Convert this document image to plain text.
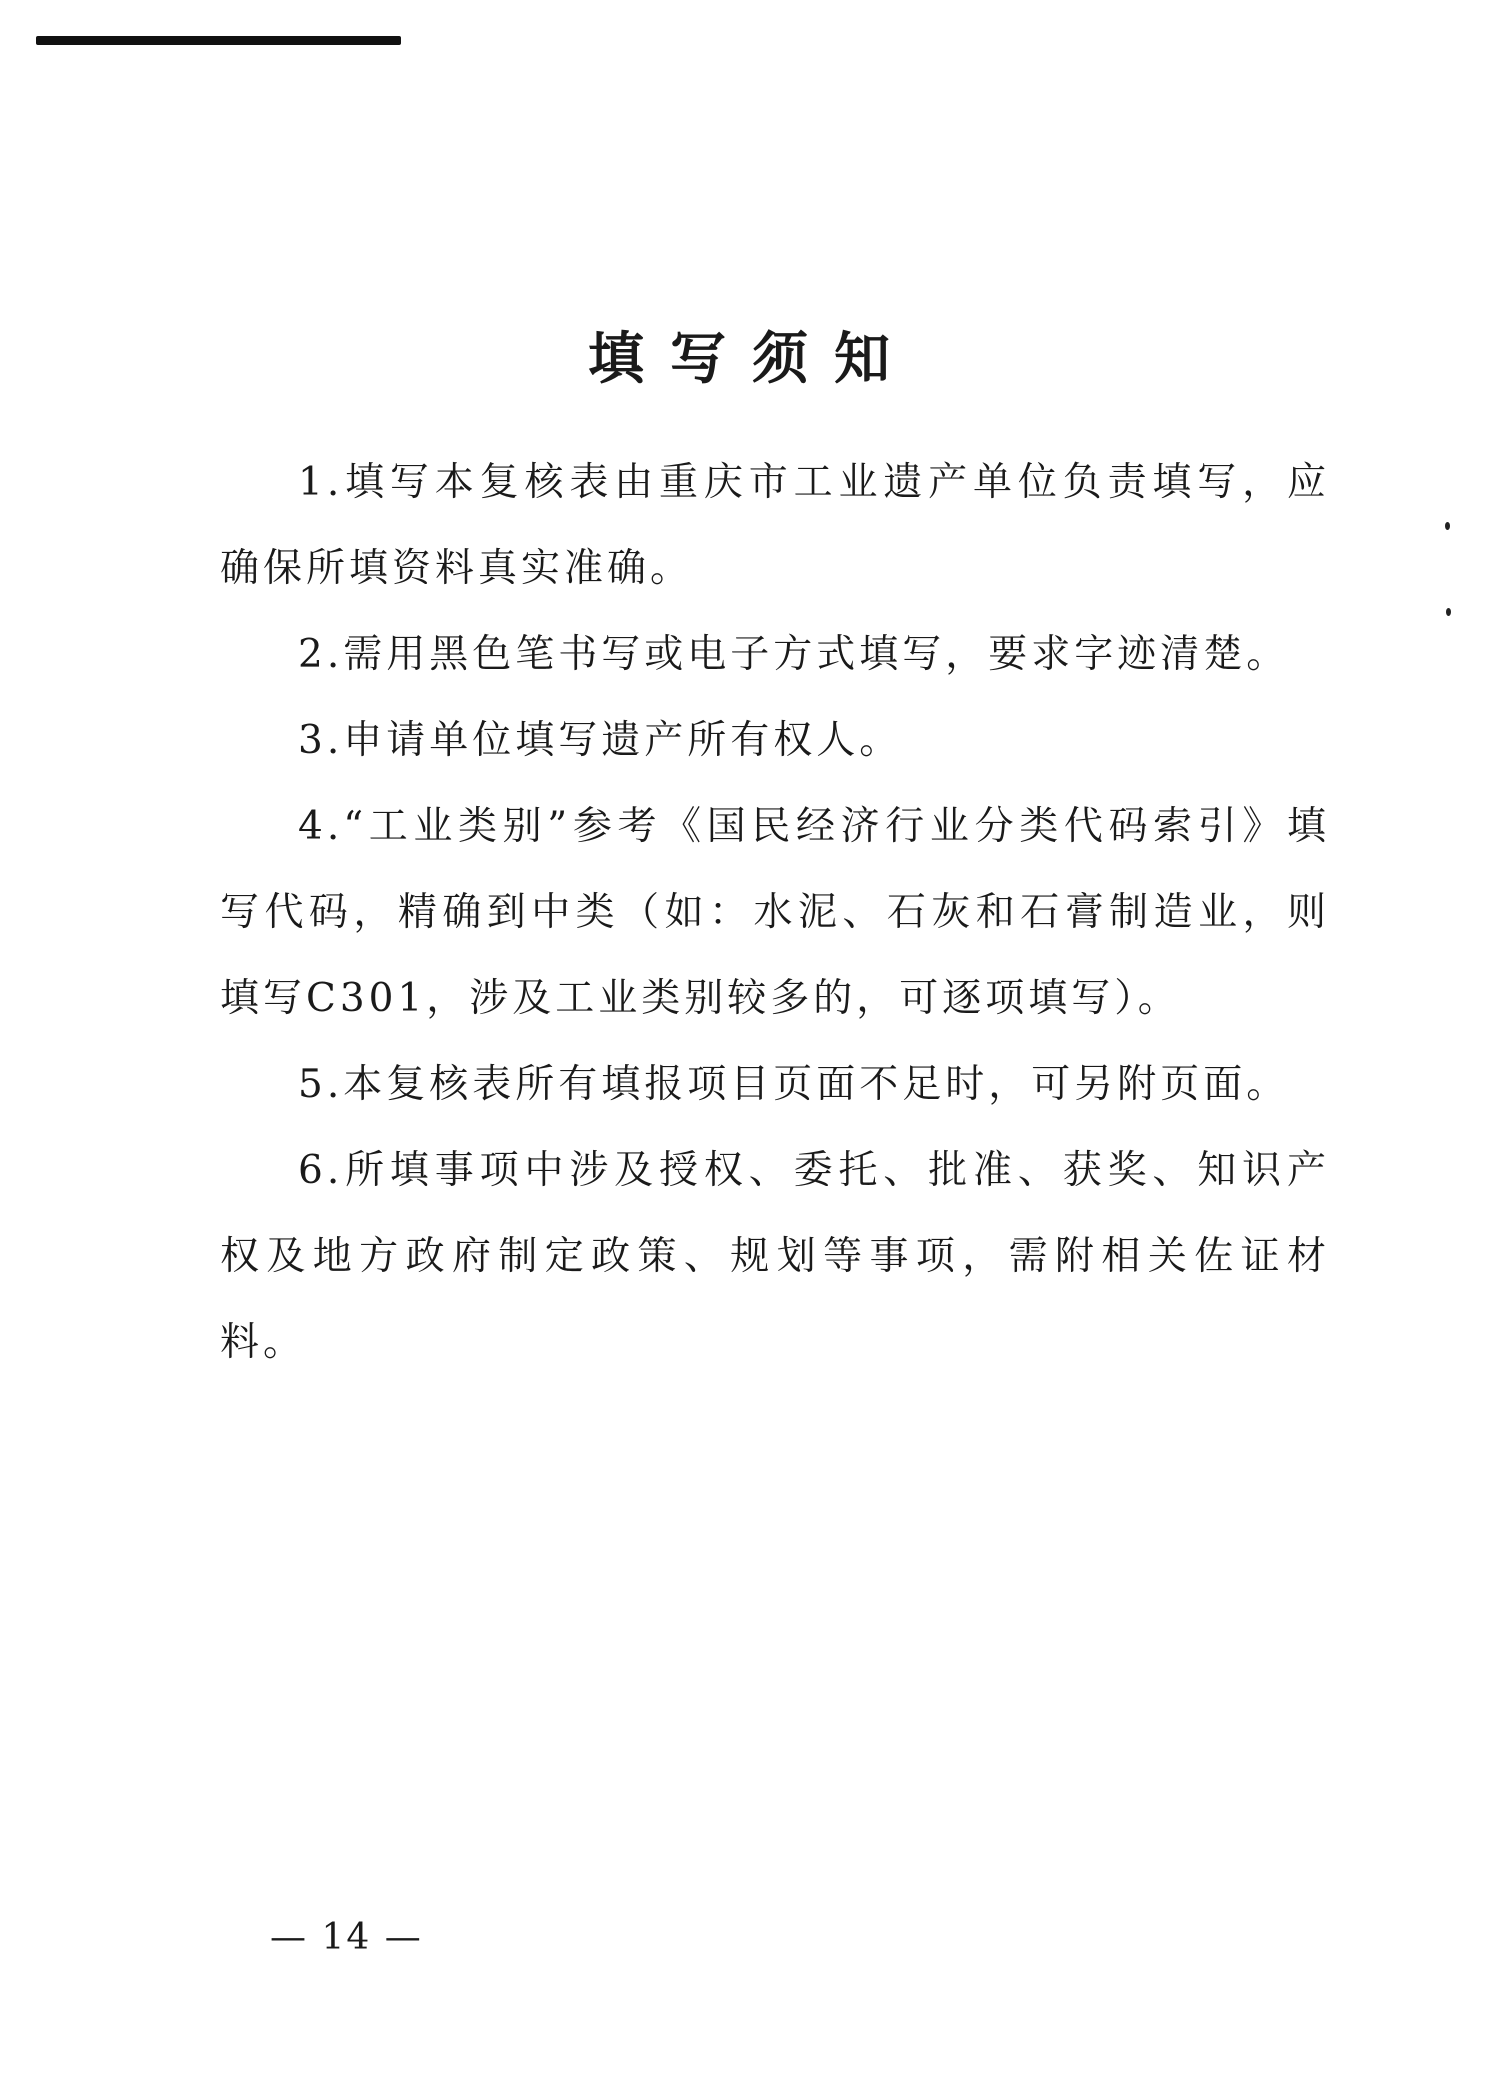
填写须知

1.填写本复核表由重庆市工业遗产单位负责填写，应确保所填资料真实准确。

2.需用黑色笔书写或电子方式填写，要求字迹清楚。

3.申请单位填写遗产所有权人。

4.“工业类别”参考《国民经济行业分类代码索引》填写代码，精确到中类（如：水泥、石灰和石膏制造业，则填写C301，涉及工业类别较多的，可逐项填写）。

5.本复核表所有填报项目页面不足时，可另附页面。

6.所填事项中涉及授权、委托、批准、获奖、知识产权及地方政府制定政策、规划等事项，需附相关佐证材料。

— 14 —
